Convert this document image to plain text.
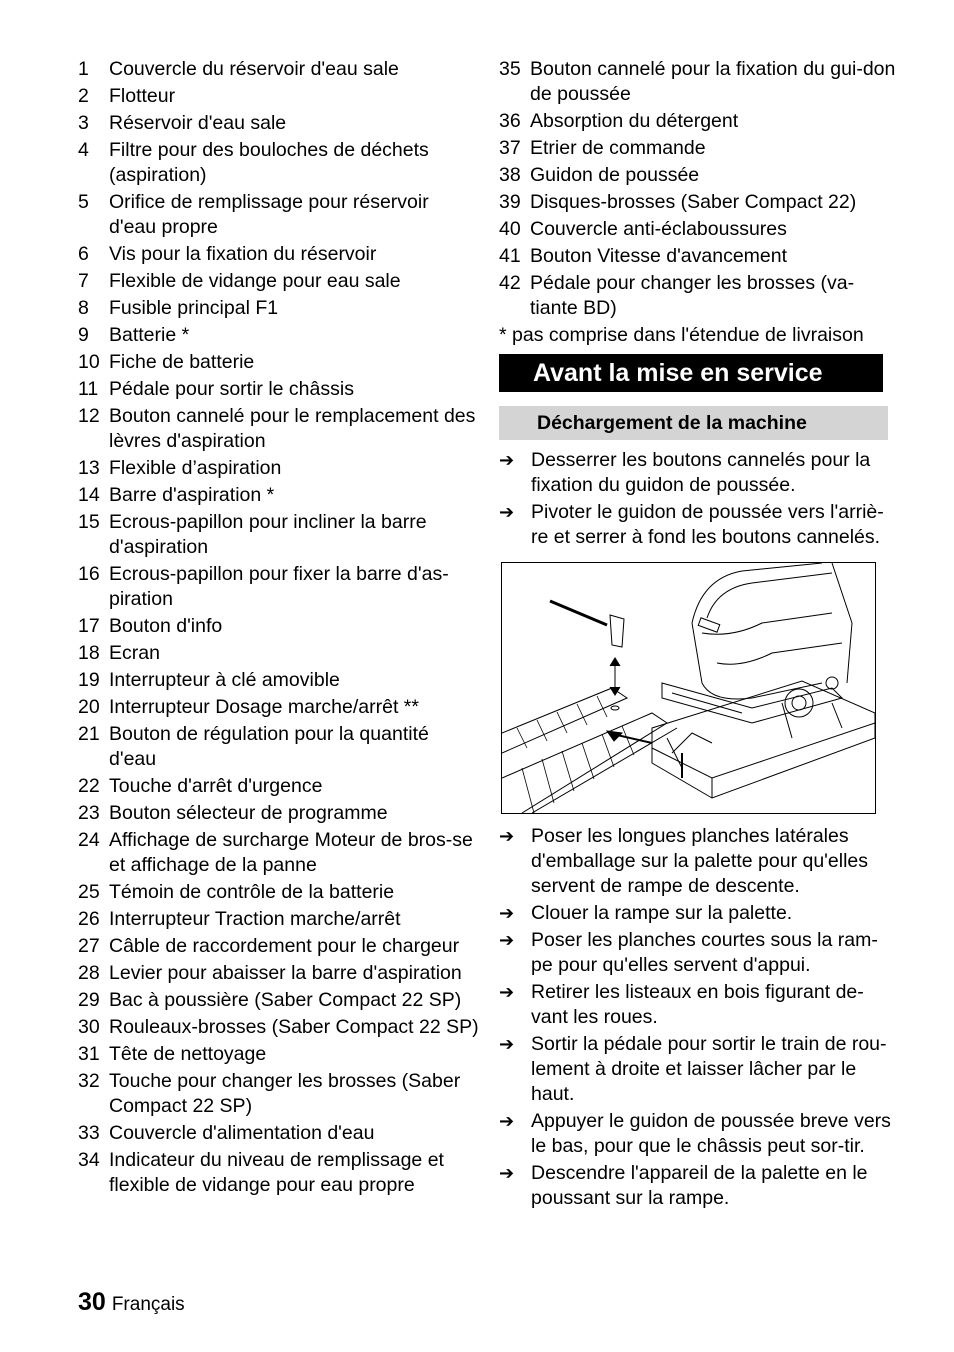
1	Couvercle du réservoir d'eau sale
2	Flotteur
3	Réservoir d'eau sale
4	Filtre pour des bouloches de déchets (aspiration)
5	Orifice de remplissage pour réservoir d'eau propre
6	Vis pour la fixation du réservoir
7	Flexible de vidange pour eau sale
8	Fusible principal F1
9	Batterie *
10 Fiche de batterie
11 Pédale pour sortir le châssis
12 Bouton cannelé pour le remplacement des lèvres d'aspiration
13 Flexible d’aspiration
14 Barre d'aspiration *
15 Ecrous-papillon pour incliner la barre d'aspiration
16 Ecrous-papillon pour fixer la barre d'as-piration
17 Bouton d'info
18 Ecran
19 Interrupteur à clé amovible
20 Interrupteur Dosage marche/arrêt **
21 Bouton de régulation pour la quantité d'eau
22 Touche d'arrêt d'urgence
23 Bouton sélecteur de programme
24 Affichage de surcharge Moteur de bros-se et affichage de la panne
25 Témoin de contrôle de la batterie
26 Interrupteur Traction marche/arrêt
27 Câble de raccordement pour le chargeur
28 Levier pour abaisser la barre d'aspiration
29 Bac à poussière (Saber Compact 22 SP)
30 Rouleaux-brosses (Saber Compact 22 SP)
31 Tête de nettoyage
32 Touche pour changer les brosses (Saber Compact 22 SP)
33 Couvercle d'alimentation d'eau
34 Indicateur du niveau de remplissage et flexible de vidange pour eau propre
35 Bouton cannelé pour la fixation du gui-don de poussée
36 Absorption du détergent
37 Etrier de commande
38 Guidon de poussée
39 Disques-brosses (Saber Compact 22)
40 Couvercle anti-éclaboussures
41 Bouton Vitesse d'avancement
42 Pédale pour changer les brosses (va-tiante BD)
* pas comprise dans l'étendue de livraison
Avant la mise en service
Déchargement de la machine
➔ Desserrer les boutons cannelés pour la fixation du guidon de poussée.
➔ Pivoter le guidon de poussée vers l'arriè-re et serrer à fond les boutons cannelés.
➔ Poser les longues planches latérales d'emballage sur la palette pour qu'elles servent de rampe de descente.
➔ Clouer la rampe sur la palette.
➔ Poser les planches courtes sous la ram-pe pour qu'elles servent d'appui.
➔ Retirer les listeaux en bois figurant de-vant les roues.
➔ Sortir la pédale pour sortir le train de rou-lement à droite et laisser lâcher par le haut.
➔ Appuyer le guidon de poussée breve vers le bas, pour que le châssis peut sor-tir.
➔ Descendre l'appareil de la palette en le poussant sur la rampe.
30 Français
